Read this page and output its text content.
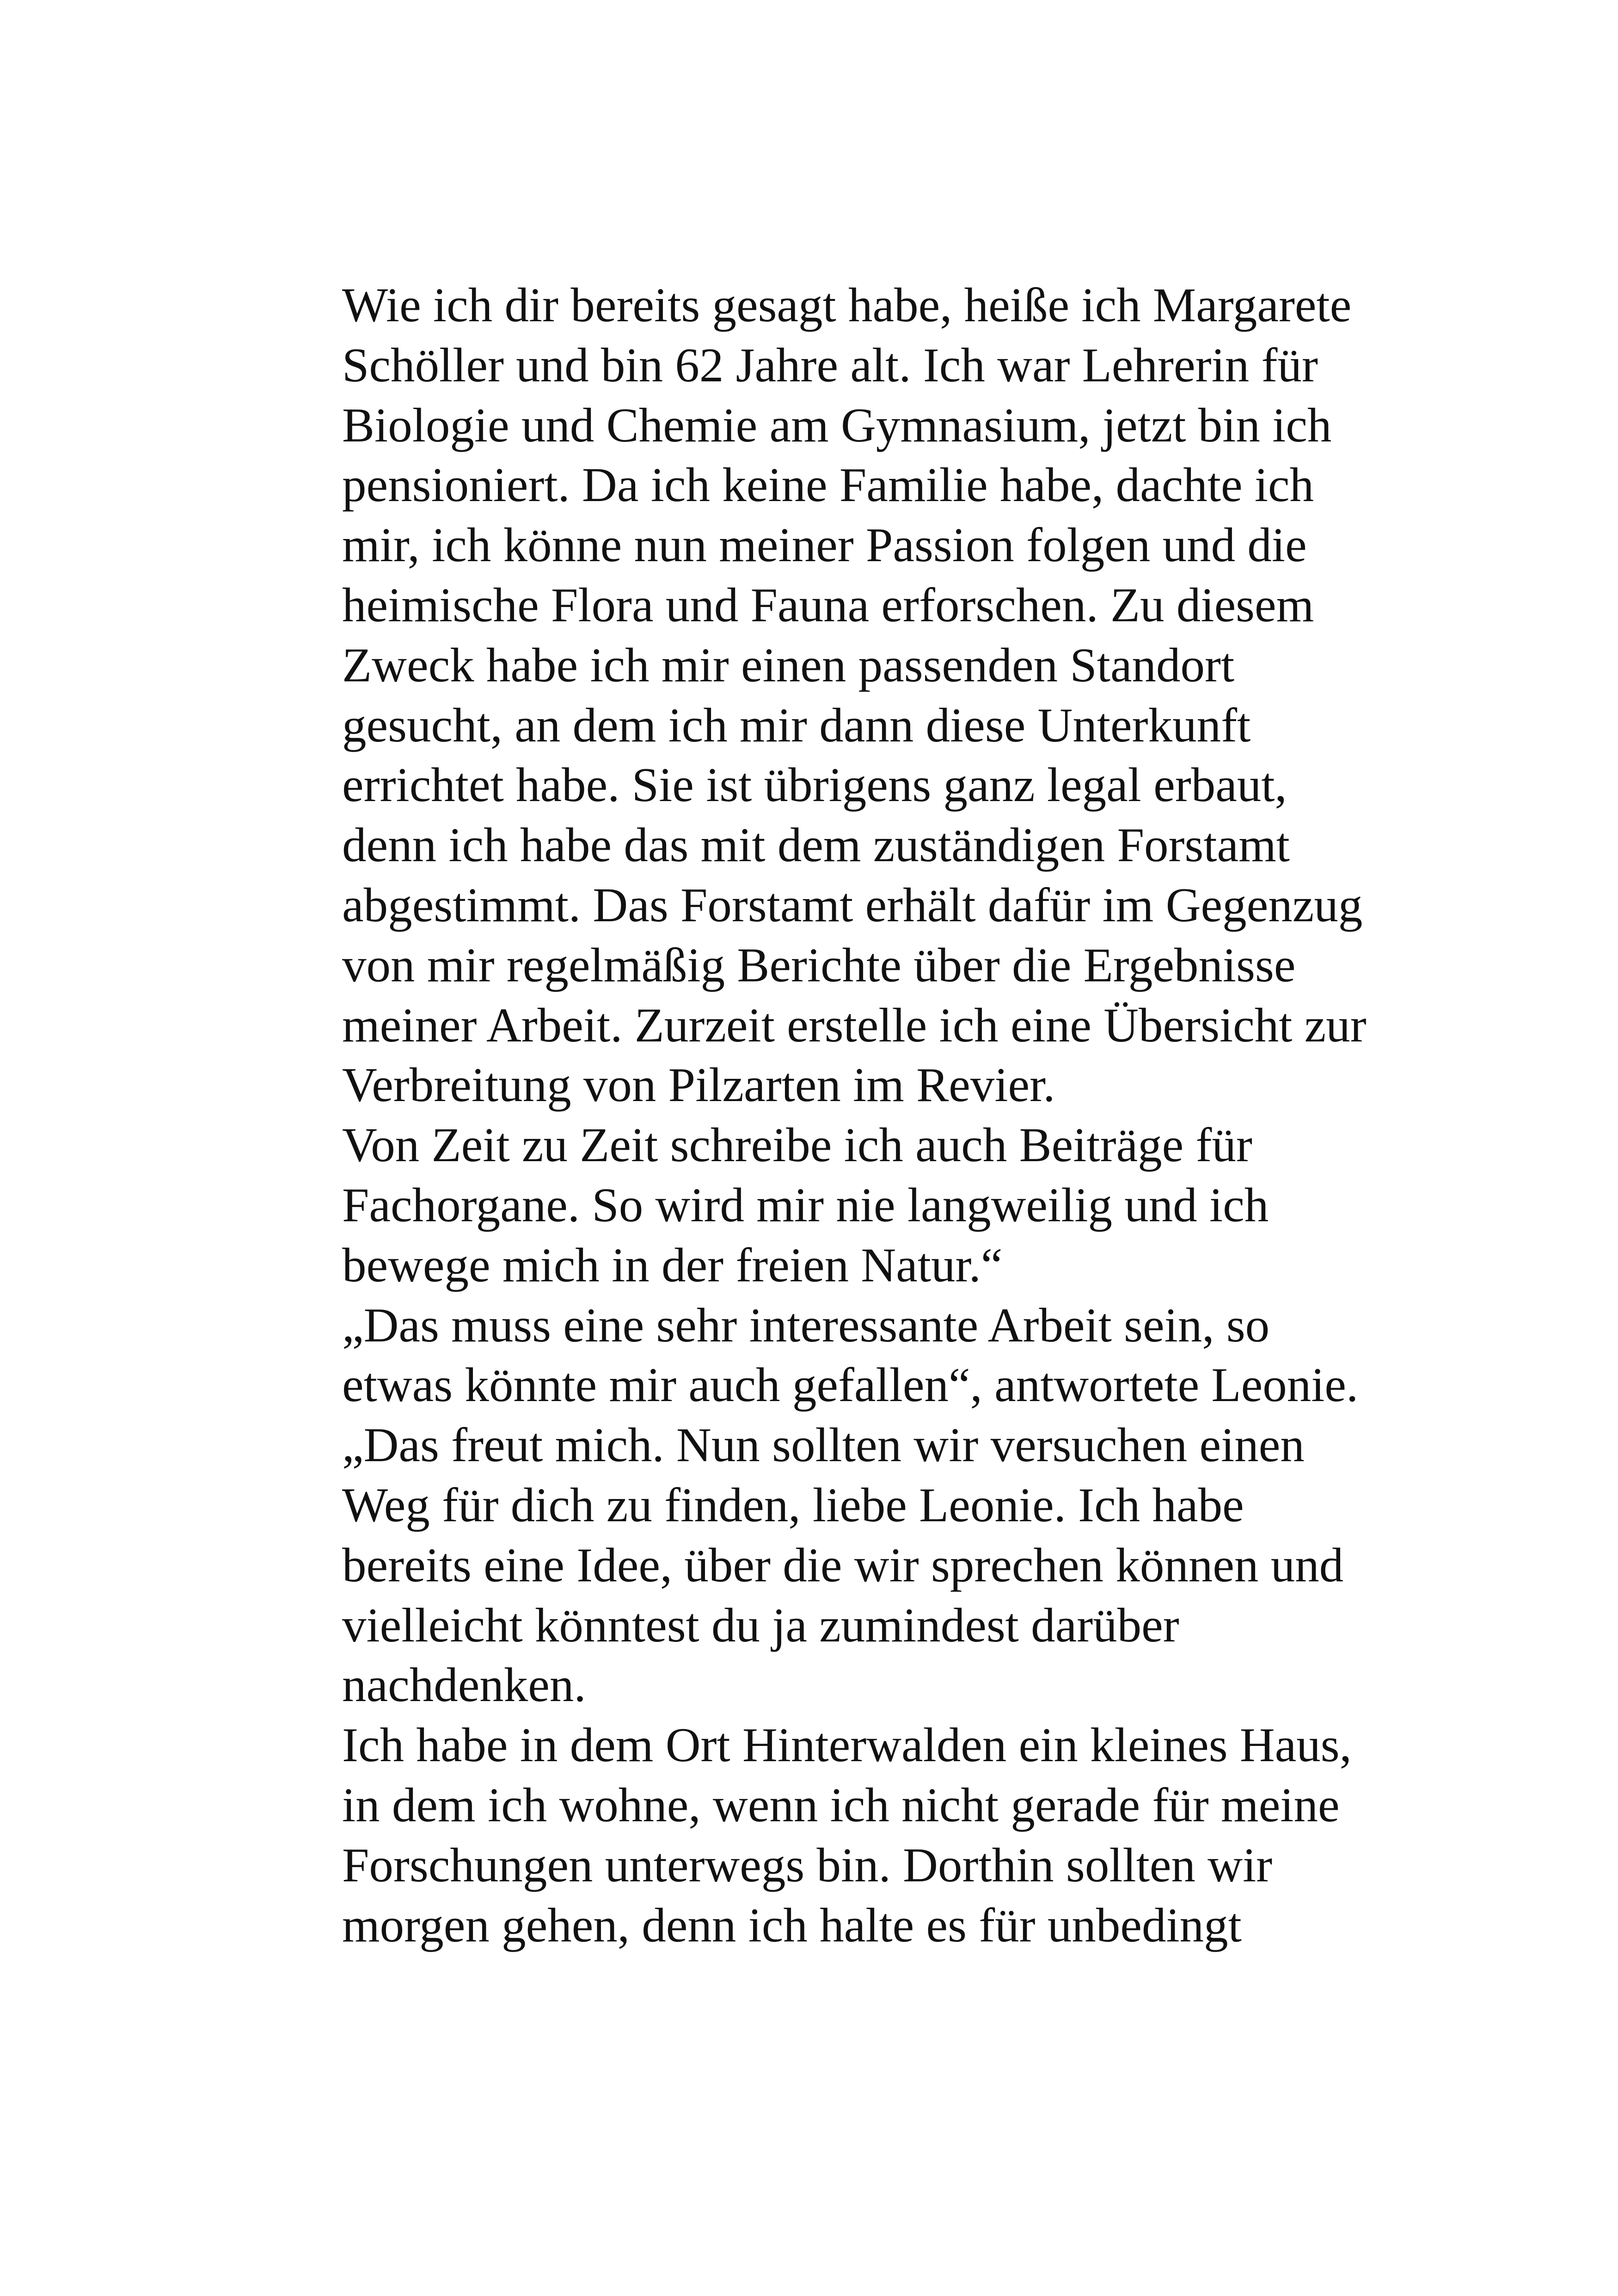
Wie ich dir bereits gesagt habe, heiße ich Margarete
Schöller und bin 62 Jahre alt. Ich war Lehrerin für
Biologie und Chemie am Gymnasium, jetzt bin ich
pensioniert. Da ich keine Familie habe, dachte ich
mir, ich könne nun meiner Passion folgen und die
heimische Flora und Fauna erforschen. Zu diesem
Zweck habe ich mir einen passenden Standort
gesucht, an dem ich mir dann diese Unterkunft
errichtet habe. Sie ist übrigens ganz legal erbaut,
denn ich habe das mit dem zuständigen Forstamt
abgestimmt. Das Forstamt erhält dafür im Gegenzug
von mir regelmäßig Berichte über die Ergebnisse
meiner Arbeit. Zurzeit erstelle ich eine Übersicht zur
Verbreitung von Pilzarten im Revier.
Von Zeit zu Zeit schreibe ich auch Beiträge für
Fachorgane. So wird mir nie langweilig und ich
bewege mich in der freien Natur.“
„Das muss eine sehr interessante Arbeit sein, so
etwas könnte mir auch gefallen“, antwortete Leonie.
„Das freut mich. Nun sollten wir versuchen einen
Weg für dich zu finden, liebe Leonie. Ich habe
bereits eine Idee, über die wir sprechen können und
vielleicht könntest du ja zumindest darüber
nachdenken.
Ich habe in dem Ort Hinterwalden ein kleines Haus,
in dem ich wohne, wenn ich nicht gerade für meine
Forschungen unterwegs bin. Dorthin sollten wir
morgen gehen, denn ich halte es für unbedingt
